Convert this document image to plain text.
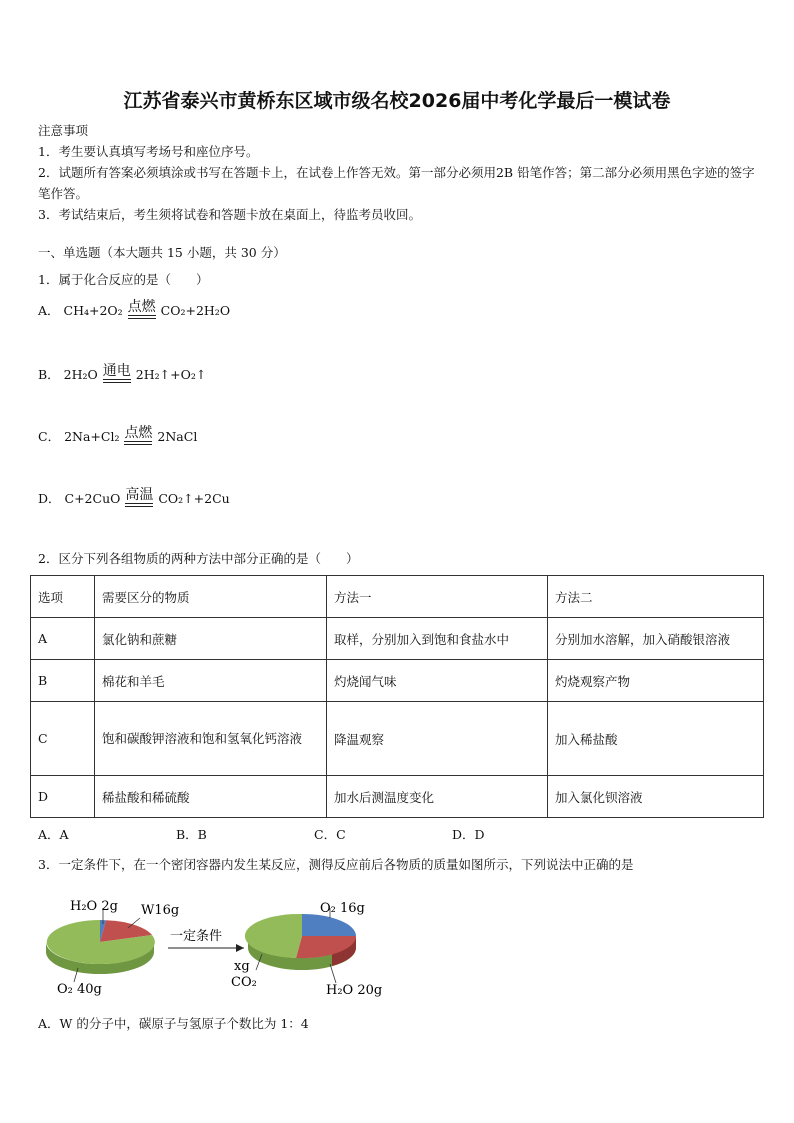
江苏省泰兴市黄桥东区域市级名校2026届中考化学最后一模试卷
注意事项
1．考生要认真填写考场号和座位序号。
2．试题所有答案必须填涂或书写在答题卡上，在试卷上作答无效。第一部分必须用2B 铅笔作答；第二部分必须用黑色字迹的签字笔作答。
3．考试结束后，考生须将试卷和答题卡放在桌面上，待监考员收回。
一、单选题（本大题共 15 小题，共 30 分）
1．属于化合反应的是（　　）
A． CH₄+2O₂ 点燃 CO₂+2H₂O
B． 2H₂O 通电 2H₂↑+O₂↑
C． 2Na+Cl₂ 点燃 2NaCl
D． C+2CuO 高温 CO₂↑+2Cu
2．区分下列各组物质的两种方法中部分正确的是（　　）
选项	需要区分的物质	方法一	方法二
A	氯化钠和蔗糖	取样，分别加入到饱和食盐水中	分别加水溶解，加入硝酸银溶液
B	棉花和羊毛	灼烧闻气味	灼烧观察产物
C	饱和碳酸钾溶液和饱和氢氧化钙溶液	降温观察	加入稀盐酸
D	稀盐酸和稀硫酸	加水后测温度变化	加入氯化钡溶液
A．A	B．B	C．C	D．D
3．一定条件下，在一个密闭容器内发生某反应，测得反应前后各物质的质量如图所示，下列说法中正确的是
H₂O 2g W16g
O₂ 40g
一定条件
O₂ 16g
xg
CO₂
H₂O 20g
A．W 的分子中，碳原子与氢原子个数比为 1：4
